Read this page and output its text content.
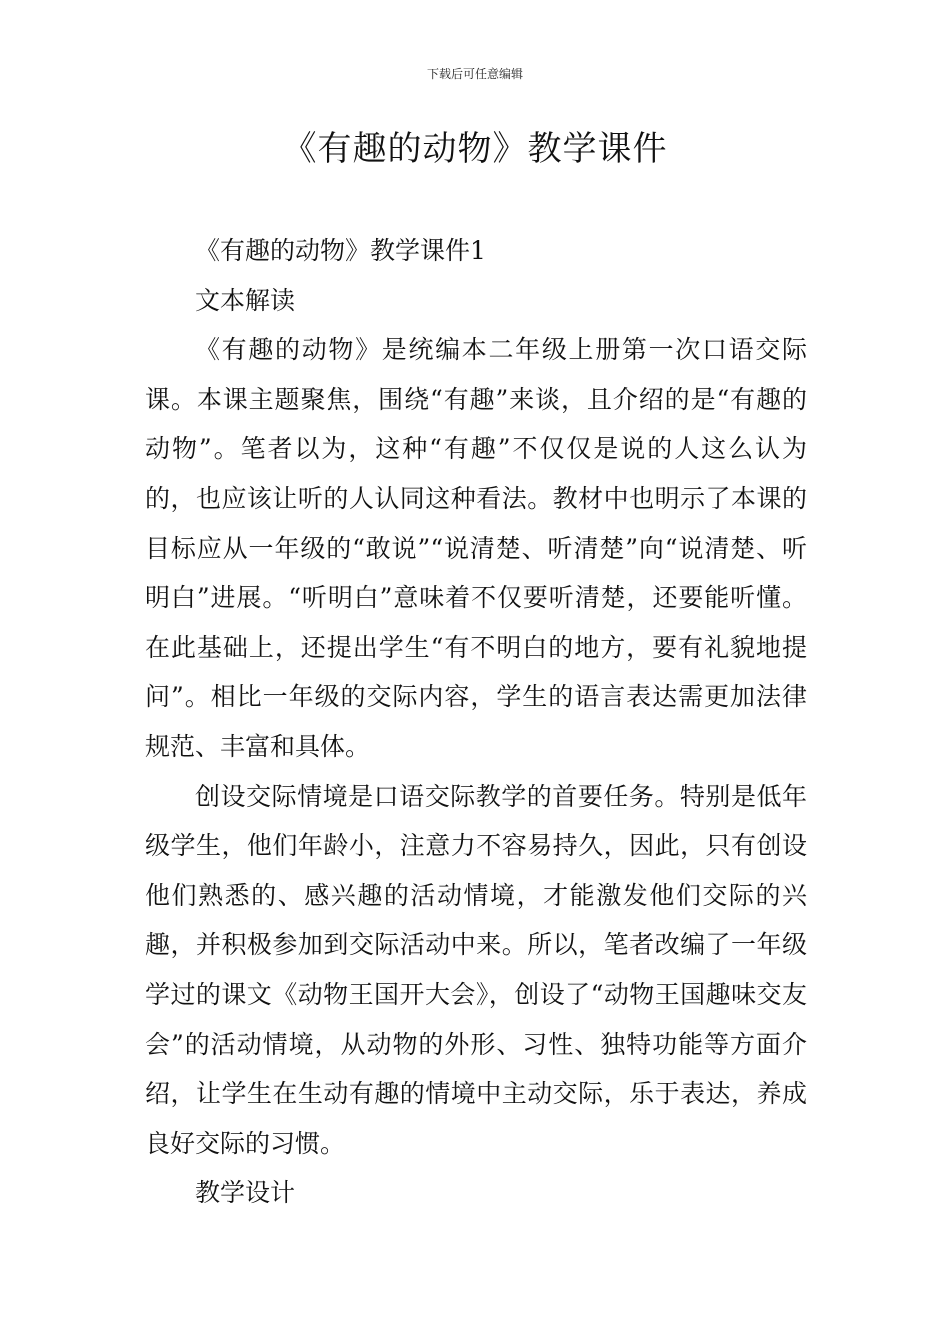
下载后可任意编辑
《有趣的动物》教学课件

《有趣的动物》教学课件1

文本解读

《有趣的动物》是统编本二年级上册第一次口语交际课。本课主题聚焦，围绕“有趣”来谈，且介绍的是“有趣的动物”。笔者以为，这种“有趣”不仅仅是说的人这么认为的，也应该让听的人认同这种看法。教材中也明示了本课的目标应从一年级的“敢说”“说清楚、听清楚”向“说清楚、听明白”进展。“听明白”意味着不仅要听清楚，还要能听懂。在此基础上，还提出学生“有不明白的地方，要有礼貌地提问”。相比一年级的交际内容，学生的语言表达需更加法律规范、丰富和具体。

创设交际情境是口语交际教学的首要任务。特别是低年级学生，他们年龄小，注意力不容易持久，因此，只有创设他们熟悉的、感兴趣的活动情境，才能激发他们交际的兴趣，并积极参加到交际活动中来。所以，笔者改编了一年级学过的课文《动物王国开大会》，创设了“动物王国趣味交友会”的活动情境，从动物的外形、习性、独特功能等方面介绍，让学生在生动有趣的情境中主动交际，乐于表达，养成良好交际的习惯。

教学设计
